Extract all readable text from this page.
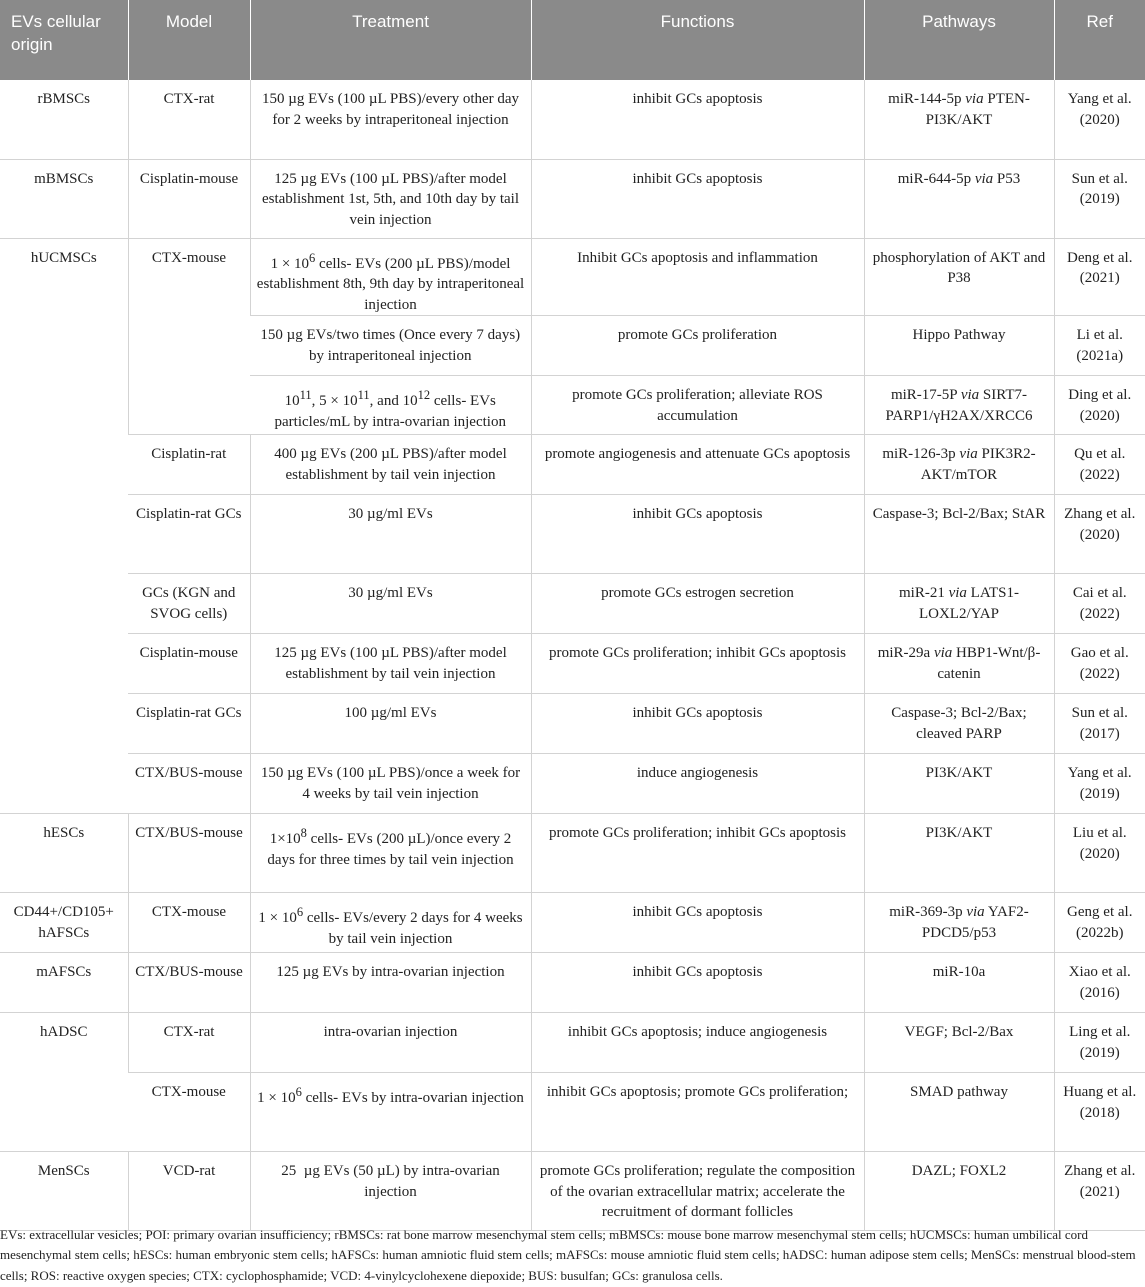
EVs cellular origin	Model	Treatment	Functions	Pathways	Ref
rBMSCs	CTX-rat	150 µg EVs (100 µL PBS)/every other day for 2 weeks by intraperitoneal injection	inhibit GCs apoptosis	miR-144-5p via PTEN-PI3K/AKT	Yang et al. (2020)
mBMSCs	Cisplatin-mouse	125 µg EVs (100 µL PBS)/after model establishment 1st, 5th, and 10th day by tail vein injection	inhibit GCs apoptosis	miR-644-5p via P53	Sun et al. (2019)
hUCMSCs	CTX-mouse	$1 \times 10^6$ cells- EVs (200 µL PBS)/model establishment 8th, 9th day by intraperitoneal injection	Inhibit GCs apoptosis and inflammation	phosphorylation of AKT and P38	Deng et al. (2021)
		150 µg EVs/two times (Once every 7 days) by intraperitoneal injection	promote GCs proliferation	Hippo Pathway	Li et al. (2021a)
		$10^{11}$, $5 \times 10^{11}$, and $10^{12}$ cells- EVs particles/mL by intra-ovarian injection	promote GCs proliferation; alleviate ROS accumulation	miR-17-5P via SIRT7-PARP1/γH2AX/XRCC6	Ding et al. (2020)
	Cisplatin-rat	400 µg EVs (200 µL PBS)/after model establishment by tail vein injection	promote angiogenesis and attenuate GCs apoptosis	miR-126-3p via PIK3R2-AKT/mTOR	Qu et al. (2022)
	Cisplatin-rat GCs	30 µg/ml EVs	inhibit GCs apoptosis	Caspase-3; Bcl-2/Bax; StAR	Zhang et al. (2020)
	GCs (KGN and SVOG cells)	30 µg/ml EVs	promote GCs estrogen secretion	miR-21 via LATS1-LOXL2/YAP	Cai et al. (2022)
	Cisplatin-mouse	125 µg EVs (100 µL PBS)/after model establishment by tail vein injection	promote GCs proliferation; inhibit GCs apoptosis	miR-29a via HBP1-Wnt/β-catenin	Gao et al. (2022)
	Cisplatin-rat GCs	100 µg/ml EVs	inhibit GCs apoptosis	Caspase-3; Bcl-2/Bax; cleaved PARP	Sun et al. (2017)
	CTX/BUS-mouse	150 µg EVs (100 µL PBS)/once a week for 4 weeks by tail vein injection	induce angiogenesis	PI3K/AKT	Yang et al. (2019)
hESCs	CTX/BUS-mouse	$1\times 10^8$ cells- EVs (200 µL)/once every 2 days for three times by tail vein injection	promote GCs proliferation; inhibit GCs apoptosis	PI3K/AKT	Liu et al. (2020)
CD44+/CD105+ hAFSCs	CTX-mouse	$1 \times 10^6$ cells- EVs/every 2 days for 4 weeks by tail vein injection	inhibit GCs apoptosis	miR-369-3p via YAF2-PDCD5/p53	Geng et al. (2022b)
mAFSCs	CTX/BUS-mouse	125 µg EVs by intra-ovarian injection	inhibit GCs apoptosis	miR-10a	Xiao et al. (2016)
hADSC	CTX-rat	intra-ovarian injection	inhibit GCs apoptosis; induce angiogenesis	VEGF; Bcl-2/Bax	Ling et al. (2019)
	CTX-mouse	$1 \times 10^6$ cells- EVs by intra-ovarian injection	inhibit GCs apoptosis; promote GCs proliferation;	SMAD pathway	Huang et al. (2018)
MenSCs	VCD-rat	25  µg EVs (50 µL) by intra-ovarian injection	promote GCs proliferation; regulate the composition of the ovarian extracellular matrix; accelerate the recruitment of dormant follicles	DAZL; FOXL2	Zhang et al. (2021)
EVs: extracellular vesicles; POI: primary ovarian insufficiency; rBMSCs: rat bone marrow mesenchymal stem cells; mBMSCs: mouse bone marrow mesenchymal stem cells; hUCMSCs: human umbilical cord mesenchymal stem cells; hESCs: human embryonic stem cells; hAFSCs: human amniotic fluid stem cells; mAFSCs: mouse amniotic fluid stem cells; hADSC: human adipose stem cells; MenSCs: menstrual blood-stem cells; ROS: reactive oxygen species; CTX: cyclophosphamide; VCD: 4-vinylcyclohexene diepoxide; BUS: busulfan; GCs: granulosa cells.
